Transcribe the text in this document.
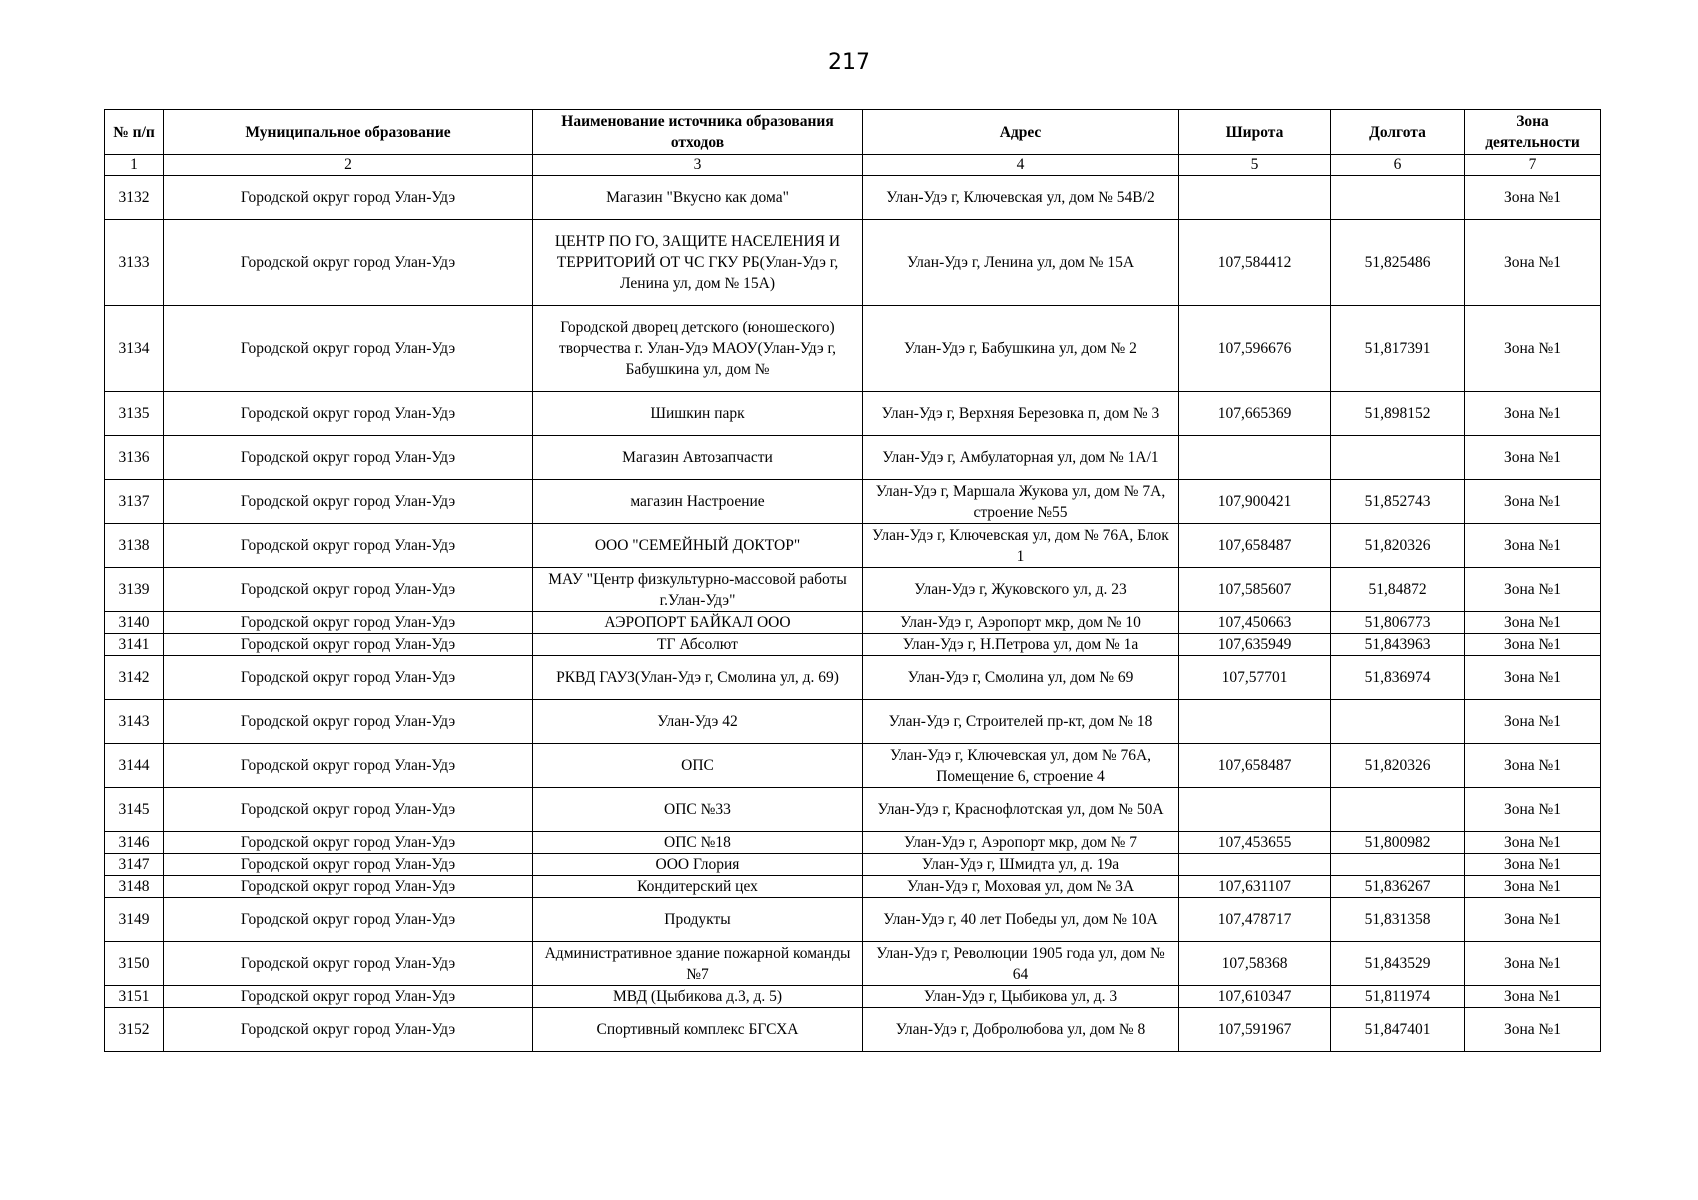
217
№ п/п	Муниципальное образование	Наименование источника образования отходов	Адрес	Широта	Долгота	Зона деятельности
1	2	3	4	5	6	7
3132	Городской округ город Улан-Удэ	Магазин "Вкусно как дома"	Улан-Удэ г, Ключевская ул, дом № 54В/2			Зона №1
3133	Городской округ город Улан-Удэ	ЦЕНТР ПО ГО, ЗАЩИТЕ НАСЕЛЕНИЯ И ТЕРРИТОРИЙ ОТ ЧС ГКУ РБ(Улан-Удэ г, Ленина ул, дом № 15А)	Улан-Удэ г, Ленина ул, дом № 15А	107,584412	51,825486	Зона №1
3134	Городской округ город Улан-Удэ	Городской дворец детского (юношеского) творчества г. Улан-Удэ МАОУ(Улан-Удэ г, Бабушкина ул, дом №	Улан-Удэ г, Бабушкина ул, дом № 2	107,596676	51,817391	Зона №1
3135	Городской округ город Улан-Удэ	Шишкин парк	Улан-Удэ г, Верхняя Березовка п, дом № 3	107,665369	51,898152	Зона №1
3136	Городской округ город Улан-Удэ	Магазин Автозапчасти	Улан-Удэ г, Амбулаторная ул, дом № 1А/1			Зона №1
3137	Городской округ город Улан-Удэ	магазин Настроение	Улан-Удэ г, Маршала Жукова ул, дом № 7А, строение №55	107,900421	51,852743	Зона №1
3138	Городской округ город Улан-Удэ	ООО "СЕМЕЙНЫЙ ДОКТОР"	Улан-Удэ г, Ключевская ул, дом № 76А, Блок 1	107,658487	51,820326	Зона №1
3139	Городской округ город Улан-Удэ	МАУ "Центр физкультурно-массовой работы г.Улан-Удэ"	Улан-Удэ г, Жуковского ул, д. 23	107,585607	51,84872	Зона №1
3140	Городской округ город Улан-Удэ	АЭРОПОРТ БАЙКАЛ ООО	Улан-Удэ г, Аэропорт мкр, дом № 10	107,450663	51,806773	Зона №1
3141	Городской округ город Улан-Удэ	ТГ Абсолют	Улан-Удэ г, Н.Петрова ул, дом № 1а	107,635949	51,843963	Зона №1
3142	Городской округ город Улан-Удэ	РКВД ГАУЗ(Улан-Удэ г, Смолина ул, д. 69)	Улан-Удэ г, Смолина ул, дом № 69	107,57701	51,836974	Зона №1
3143	Городской округ город Улан-Удэ	Улан-Удэ 42	Улан-Удэ г, Строителей пр-кт, дом № 18			Зона №1
3144	Городской округ город Улан-Удэ	ОПС	Улан-Удэ г, Ключевская ул, дом № 76А, Помещение 6, строение 4	107,658487	51,820326	Зона №1
3145	Городской округ город Улан-Удэ	ОПС №33	Улан-Удэ г, Краснофлотская ул, дом № 50А			Зона №1
3146	Городской округ город Улан-Удэ	ОПС №18	Улан-Удэ г, Аэропорт мкр, дом № 7	107,453655	51,800982	Зона №1
3147	Городской округ город Улан-Удэ	ООО Глория	Улан-Удэ г, Шмидта ул, д. 19а			Зона №1
3148	Городской округ город Улан-Удэ	Кондитерский цех	Улан-Удэ г, Моховая ул, дом № 3А	107,631107	51,836267	Зона №1
3149	Городской округ город Улан-Удэ	Продукты	Улан-Удэ г, 40 лет Победы ул, дом № 10А	107,478717	51,831358	Зона №1
3150	Городской округ город Улан-Удэ	Административное здание пожарной команды №7	Улан-Удэ г, Революции 1905 года ул, дом № 64	107,58368	51,843529	Зона №1
3151	Городской округ город Улан-Удэ	МВД (Цыбикова д.3, д. 5)	Улан-Удэ г, Цыбикова ул, д. 3	107,610347	51,811974	Зона №1
3152	Городской округ город Улан-Удэ	Спортивный комплекс БГСХА	Улан-Удэ г, Добролюбова ул, дом № 8	107,591967	51,847401	Зона №1
